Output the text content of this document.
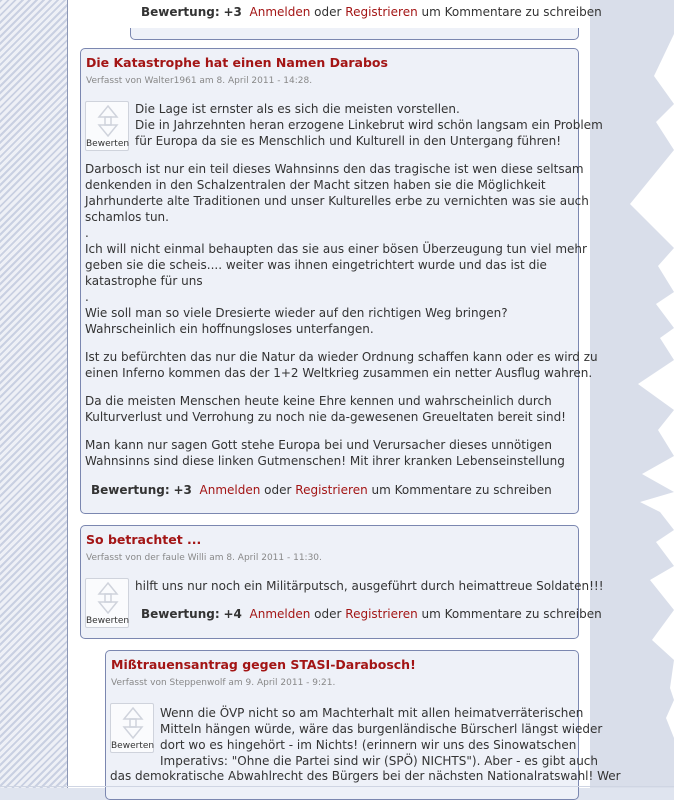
Bewertung: +3 Anmelden oder Registrieren um Kommentare zu schreiben
Die Katastrophe hat einen Namen Darabos
Verfasst von Walter1961 am 8. April 2011 - 14:28.
Bewerten
Die Lage ist ernster als es sich die meisten vorstellen.
Die in Jahrzehnten heran erzogene Linkebrut wird schön langsam ein Problem
für Europa da sie es Menschlich und Kulturell in den Untergang führen!
Darbosch ist nur ein teil dieses Wahnsinns den das tragische ist wen diese seltsam
denkenden in den Schalzentralen der Macht sitzen haben sie die Möglichkeit
Jahrhunderte alte Traditionen und unser Kulturelles erbe zu vernichten was sie auch
schamlos tun.
.
Ich will nicht einmal behaupten das sie aus einer bösen Überzeugung tun viel mehr
geben sie die scheis.... weiter was ihnen eingetrichtert wurde und das ist die
katastrophe für uns
.
Wie soll man so viele Dresierte wieder auf den richtigen Weg bringen?
Wahrscheinlich ein hoffnungsloses unterfangen.
Ist zu befürchten das nur die Natur da wieder Ordnung schaffen kann oder es wird zu
einen Inferno kommen das der 1+2 Weltkrieg zusammen ein netter Ausflug wahren.
Da die meisten Menschen heute keine Ehre kennen und wahrscheinlich durch
Kulturverlust und Verrohung zu noch nie da-gewesenen Greueltaten bereit sind!
Man kann nur sagen Gott stehe Europa bei und Verursacher dieses unnötigen
Wahnsinns sind diese linken Gutmenschen! Mit ihrer kranken Lebenseinstellung
Bewertung: +3 Anmelden oder Registrieren um Kommentare zu schreiben
So betrachtet ...
Verfasst von der faule Willi am 8. April 2011 - 11:30.
Bewerten
hilft uns nur noch ein Militärputsch, ausgeführt durch heimattreue Soldaten!!!
Bewertung: +4 Anmelden oder Registrieren um Kommentare zu schreiben
Mißtrauensantrag gegen STASI-Darabosch!
Verfasst von Steppenwolf am 9. April 2011 - 9:21.
Bewerten
Wenn die ÖVP nicht so am Machterhalt mit allen heimatverräterischen
Mitteln hängen würde, wäre das burgenländische Bürscherl längst wieder
dort wo es hingehört - im Nichts! (erinnern wir uns des Sinowatschen
Imperativs: "Ohne die Partei sind wir (SPÖ) NICHTS"). Aber - es gibt auch
das demokratische Abwahlrecht des Bürgers bei der nächsten Nationalratswahl! Wer
